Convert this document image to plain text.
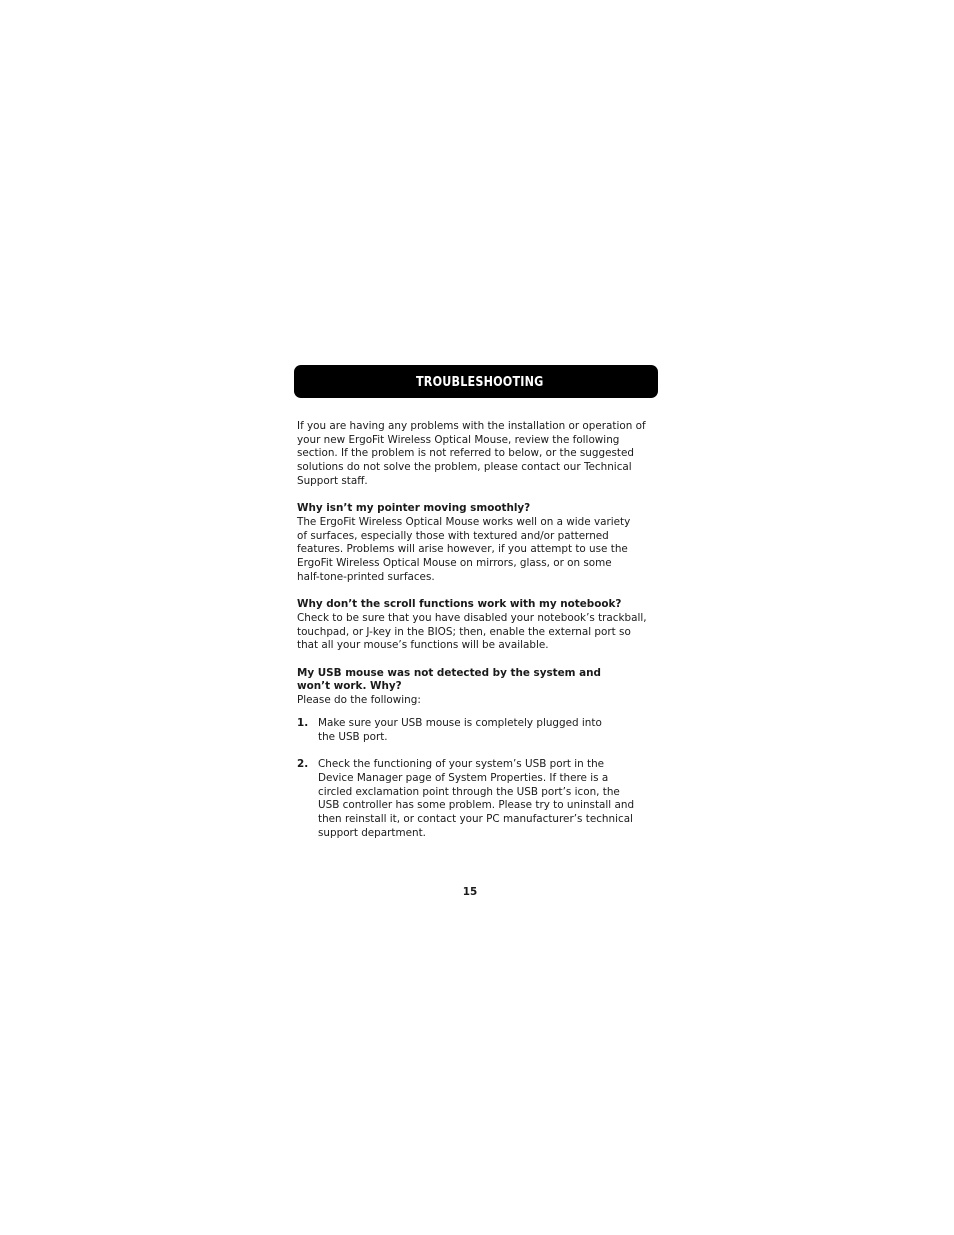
TROUBLESHOOTING
If you are having any problems with the installation or operation of
your new ErgoFit Wireless Optical Mouse, review the following
section. If the problem is not referred to below, or the suggested
solutions do not solve the problem, please contact our Technical
Support staff.
Why isn’t my pointer moving smoothly?
The ErgoFit Wireless Optical Mouse works well on a wide variety
of surfaces, especially those with textured and/or patterned
features. Problems will arise however, if you attempt to use the
ErgoFit Wireless Optical Mouse on mirrors, glass, or on some
half-tone-printed surfaces.
Why don’t the scroll functions work with my notebook?
Check to be sure that you have disabled your notebook’s trackball,
touchpad, or J-key in the BIOS; then, enable the external port so
that all your mouse’s functions will be available.
My USB mouse was not detected by the system and
won’t work. Why?
Please do the following:
1. Make sure your USB mouse is completely plugged into
the USB port.
2. Check the functioning of your system’s USB port in the
Device Manager page of System Properties. If there is a
circled exclamation point through the USB port’s icon, the
USB controller has some problem. Please try to uninstall and
then reinstall it, or contact your PC manufacturer’s technical
support department.
15
